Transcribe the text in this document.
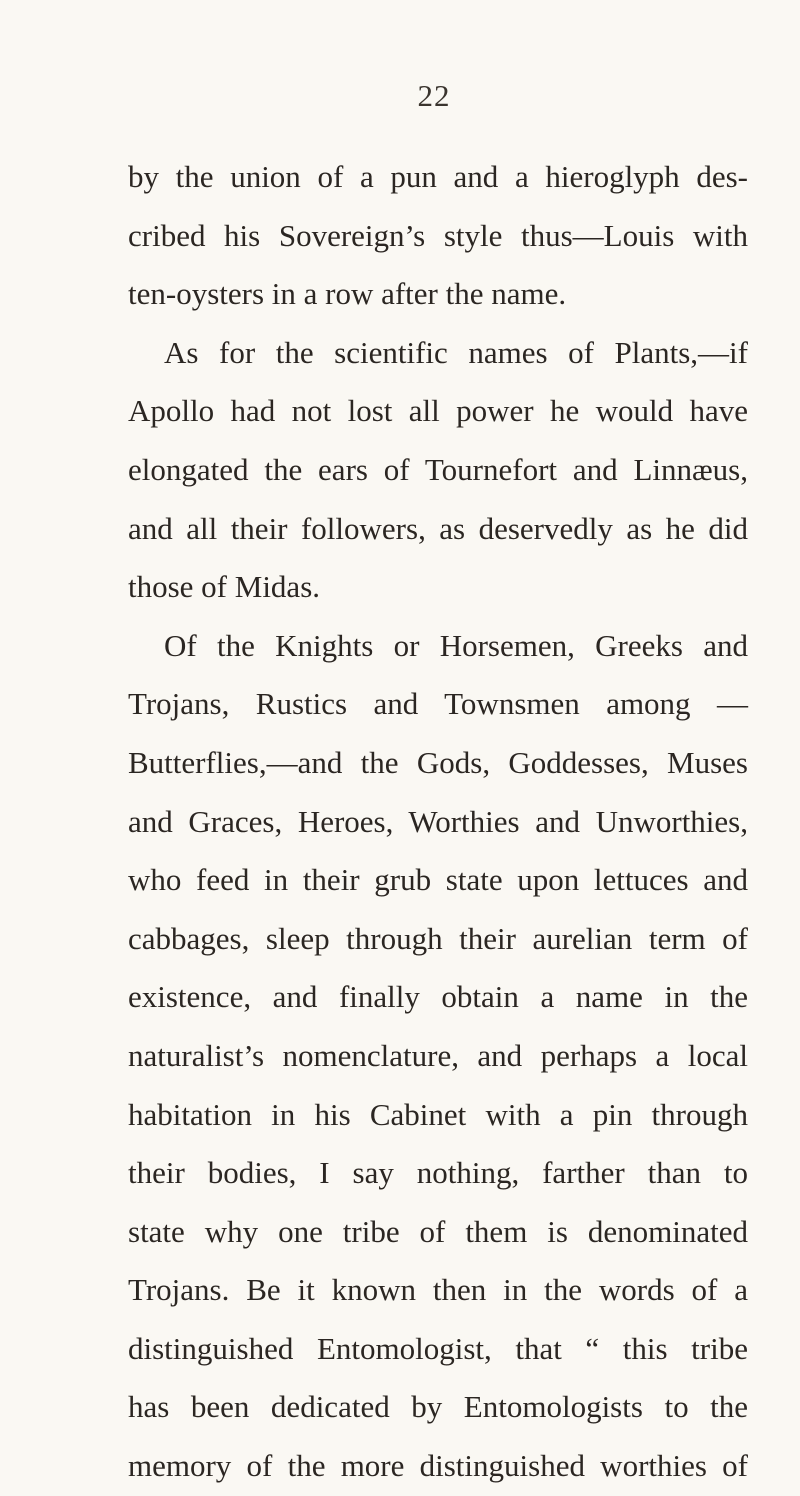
22
by the union of a pun and a hieroglyph des-
cribed his Sovereign’s style thus—Louis with
ten-oysters in a row after the name.
As for the scientific names of Plants,—if
Apollo had not lost all power he would have
elongated the ears of Tournefort and Linnæus,
and all their followers, as deservedly as he did
those of Midas.
Of the Knights or Horsemen, Greeks and
Trojans, Rustics and Townsmen among —
Butterflies,—and the Gods, Goddesses, Muses
and Graces, Heroes, Worthies and Unworthies,
who feed in their grub state upon lettuces and
cabbages, sleep through their aurelian term of
existence, and finally obtain a name in the
naturalist’s nomenclature, and perhaps a local
habitation in his Cabinet with a pin through
their bodies, I say nothing, farther than to
state why one tribe of them is denominated
Trojans. Be it known then in the words of a
distinguished Entomologist, that “ this tribe
has been dedicated by Entomologists to the
memory of the more distinguished worthies of
